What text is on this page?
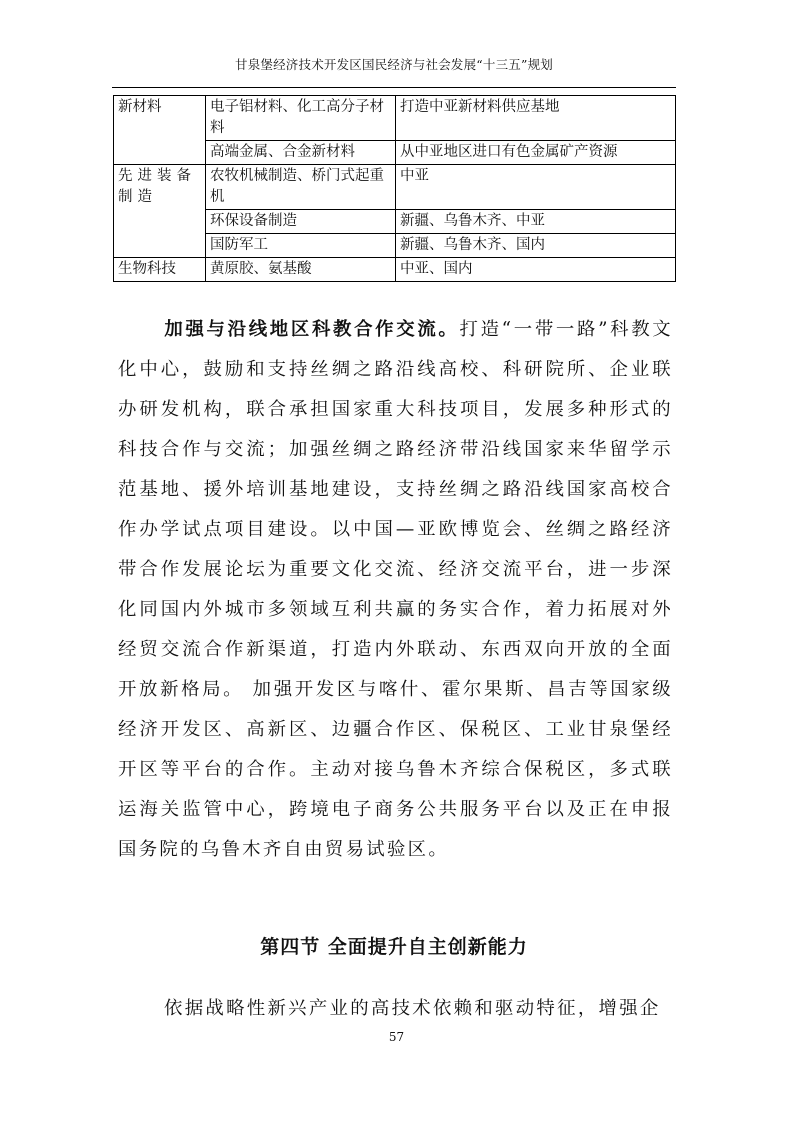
甘泉堡经济技术开发区国民经济与社会发展“十三五”规划
新材料	电子铝材料、化工高分子材料	打造中亚新材料供应基地
	高端金属、合金新材料	从中亚地区进口有色金属矿产资源
先进装备制造	农牧机械制造、桥门式起重机	中亚
	环保设备制造	新疆、乌鲁木齐、中亚
	国防军工	新疆、乌鲁木齐、国内
生物科技	黄原胶、氨基酸	中亚、国内
加强与沿线地区科教合作交流。打造“一带一路”科教文化中心，鼓励和支持丝绸之路沿线高校、科研院所、企业联办研发机构，联合承担国家重大科技项目，发展多种形式的科技合作与交流；加强丝绸之路经济带沿线国家来华留学示范基地、援外培训基地建设，支持丝绸之路沿线国家高校合作办学试点项目建设。以中国—亚欧博览会、丝绸之路经济带合作发展论坛为重要文化交流、经济交流平台，进一步深化同国内外城市多领域互利共赢的务实合作，着力拓展对外经贸交流合作新渠道，打造内外联动、东西双向开放的全面开放新格局。 加强开发区与喀什、霍尔果斯、昌吉等国家级经济开发区、高新区、边疆合作区、保税区、工业甘泉堡经开区等平台的合作。主动对接乌鲁木齐综合保税区，多式联运海关监管中心，跨境电子商务公共服务平台以及正在申报国务院的乌鲁木齐自由贸易试验区。
第四节 全面提升自主创新能力
依据战略性新兴产业的高技术依赖和驱动特征，增强企
57
